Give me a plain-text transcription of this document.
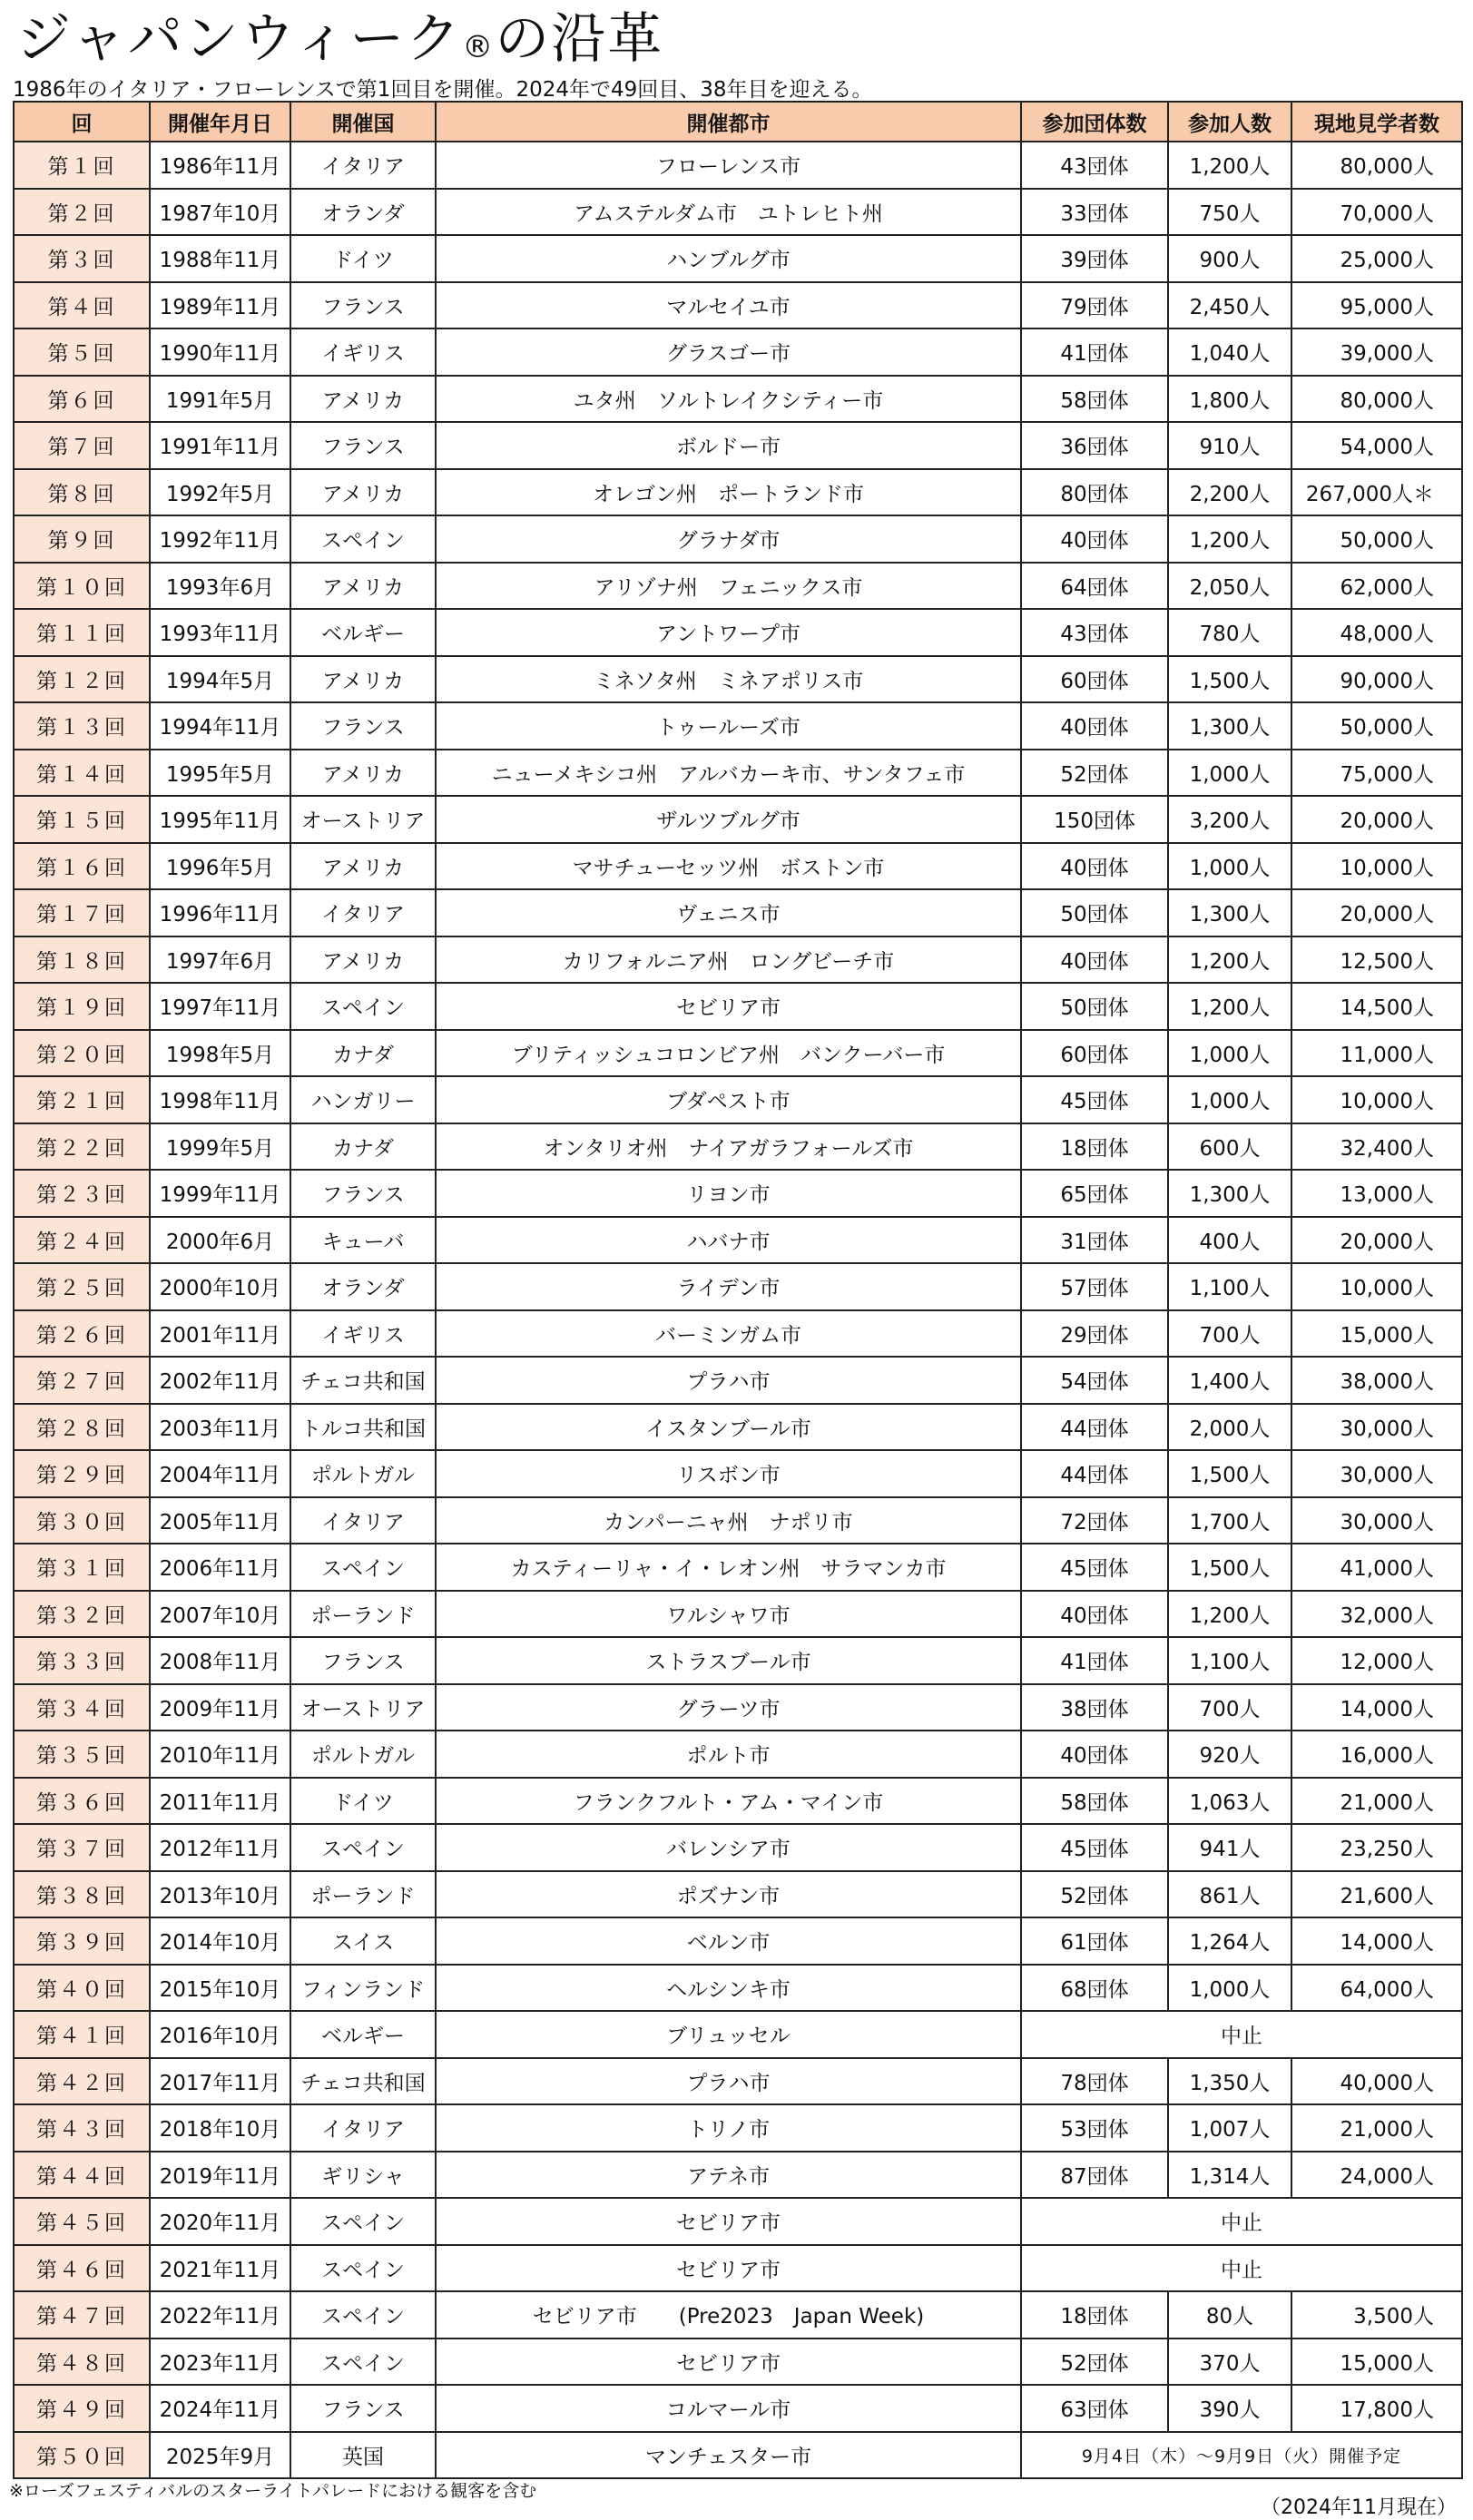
ジャパンウィーク®の沿革

1986年のイタリア・フローレンスで第1回目を開催。2024年で49回目、38年目を迎える。

回	開催年月日	開催国	開催都市	参加団体数	参加人数	現地見学者数
第１回	1986年11月	イタリア	フローレンス市	43団体	1,200人	80,000人
第２回	1987年10月	オランダ	アムステルダム市　ユトレヒト州	33団体	750人	70,000人
第３回	1988年11月	ドイツ	ハンブルグ市	39団体	900人	25,000人
第４回	1989年11月	フランス	マルセイユ市	79団体	2,450人	95,000人
第５回	1990年11月	イギリス	グラスゴー市	41団体	1,040人	39,000人
第６回	1991年5月	アメリカ	ユタ州　ソルトレイクシティー市	58団体	1,800人	80,000人
第７回	1991年11月	フランス	ボルドー市	36団体	910人	54,000人
第８回	1992年5月	アメリカ	オレゴン州　ポートランド市	80団体	2,200人	267,000人＊
第９回	1992年11月	スペイン	グラナダ市	40団体	1,200人	50,000人
第１０回	1993年6月	アメリカ	アリゾナ州　フェニックス市	64団体	2,050人	62,000人
第１１回	1993年11月	ベルギー	アントワープ市	43団体	780人	48,000人
第１２回	1994年5月	アメリカ	ミネソタ州　ミネアポリス市	60団体	1,500人	90,000人
第１３回	1994年11月	フランス	トゥールーズ市	40団体	1,300人	50,000人
第１４回	1995年5月	アメリカ	ニューメキシコ州　アルバカーキ市、サンタフェ市	52団体	1,000人	75,000人
第１５回	1995年11月	オーストリア	ザルツブルグ市	150団体	3,200人	20,000人
第１６回	1996年5月	アメリカ	マサチューセッツ州　ボストン市	40団体	1,000人	10,000人
第１７回	1996年11月	イタリア	ヴェニス市	50団体	1,300人	20,000人
第１８回	1997年6月	アメリカ	カリフォルニア州　ロングビーチ市	40団体	1,200人	12,500人
第１９回	1997年11月	スペイン	セビリア市	50団体	1,200人	14,500人
第２０回	1998年5月	カナダ	ブリティッシュコロンビア州　バンクーバー市	60団体	1,000人	11,000人
第２１回	1998年11月	ハンガリー	ブダペスト市	45団体	1,000人	10,000人
第２２回	1999年5月	カナダ	オンタリオ州　ナイアガラフォールズ市	18団体	600人	32,400人
第２３回	1999年11月	フランス	リヨン市	65団体	1,300人	13,000人
第２４回	2000年6月	キューバ	ハバナ市	31団体	400人	20,000人
第２５回	2000年10月	オランダ	ライデン市	57団体	1,100人	10,000人
第２６回	2001年11月	イギリス	バーミンガム市	29団体	700人	15,000人
第２７回	2002年11月	チェコ共和国	プラハ市	54団体	1,400人	38,000人
第２８回	2003年11月	トルコ共和国	イスタンブール市	44団体	2,000人	30,000人
第２９回	2004年11月	ポルトガル	リスボン市	44団体	1,500人	30,000人
第３０回	2005年11月	イタリア	カンパーニャ州　ナポリ市	72団体	1,700人	30,000人
第３１回	2006年11月	スペイン	カスティーリャ・イ・レオン州　サラマンカ市	45団体	1,500人	41,000人
第３２回	2007年10月	ポーランド	ワルシャワ市	40団体	1,200人	32,000人
第３３回	2008年11月	フランス	ストラスブール市	41団体	1,100人	12,000人
第３４回	2009年11月	オーストリア	グラーツ市	38団体	700人	14,000人
第３５回	2010年11月	ポルトガル	ポルト市	40団体	920人	16,000人
第３６回	2011年11月	ドイツ	フランクフルト・アム・マイン市	58団体	1,063人	21,000人
第３７回	2012年11月	スペイン	バレンシア市	45団体	941人	23,250人
第３８回	2013年10月	ポーランド	ポズナン市	52団体	861人	21,600人
第３９回	2014年10月	スイス	ベルン市	61団体	1,264人	14,000人
第４０回	2015年10月	フィンランド	ヘルシンキ市	68団体	1,000人	64,000人
第４１回	2016年10月	ベルギー	ブリュッセル	中止		
第４２回	2017年11月	チェコ共和国	プラハ市	78団体	1,350人	40,000人
第４３回	2018年10月	イタリア	トリノ市	53団体	1,007人	21,000人
第４４回	2019年11月	ギリシャ	アテネ市	87団体	1,314人	24,000人
第４５回	2020年11月	スペイン	セビリア市	中止		
第４６回	2021年11月	スペイン	セビリア市	中止		
第４７回	2022年11月	スペイン	セビリア市　　(Pre2023　Japan Week)	18団体	80人	3,500人
第４８回	2023年11月	スペイン	セビリア市	52団体	370人	15,000人
第４９回	2024年11月	フランス	コルマール市	63団体	390人	17,800人
第５０回	2025年9月	英国	マンチェスター市	9月4日（木）～9月9日（火）開催予定		

※ローズフェスティバルのスターライトパレードにおける観客を含む

（2024年11月現在）
